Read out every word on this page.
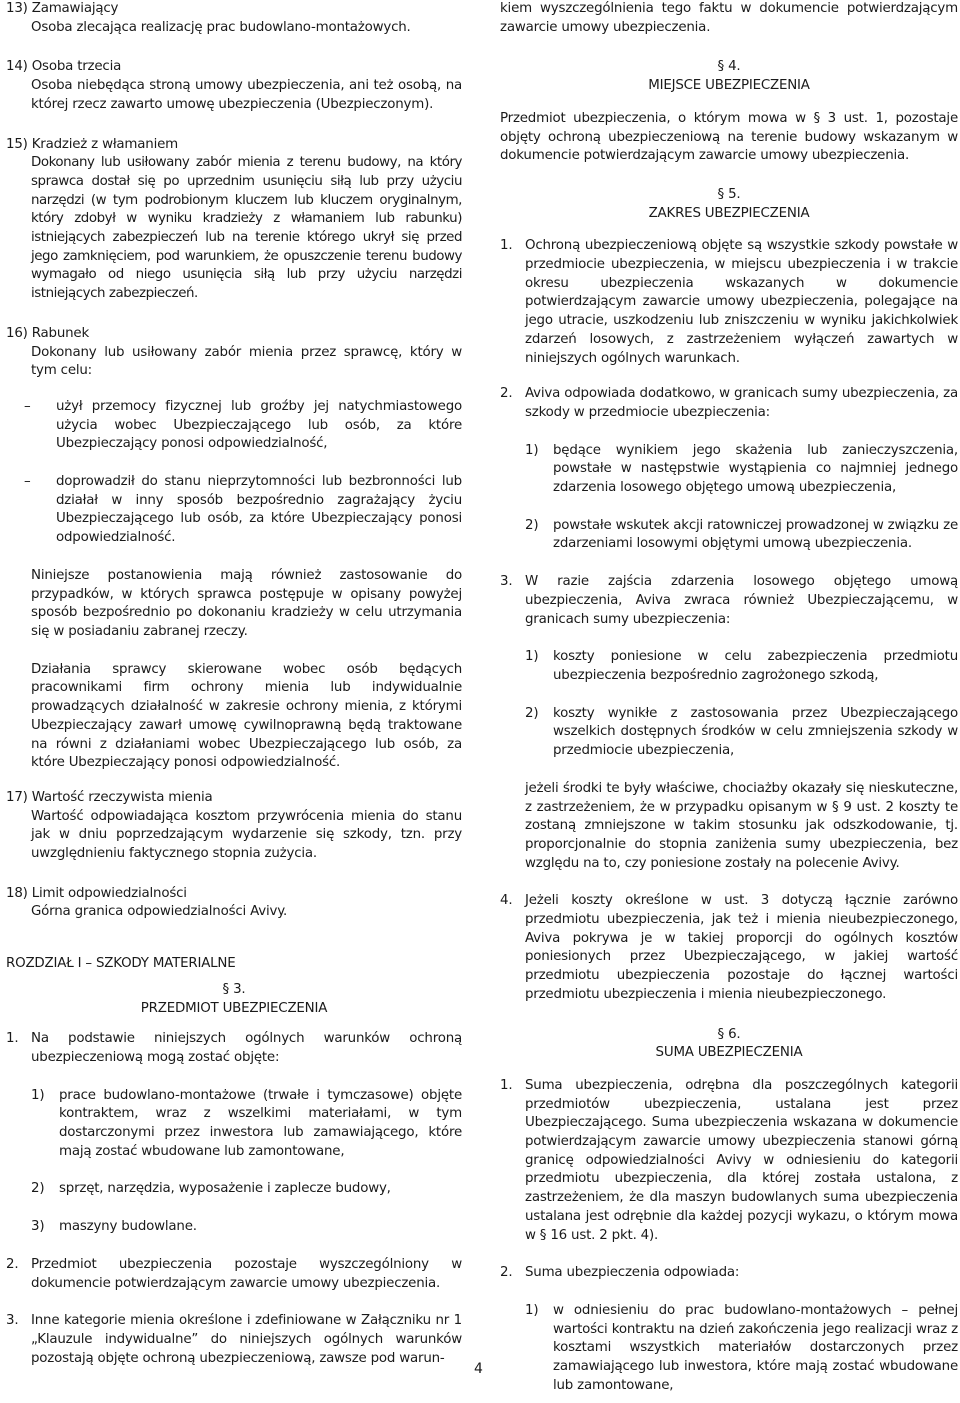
13) Zamawiający

Osoba zlecająca realizację prac budowlano-montażowych.

14) Osoba trzecia

Osoba niebędąca stroną umowy ubezpieczenia, ani też osobą, na której rzecz zawarto umowę ubezpieczenia (Ubezpieczonym).

15) Kradzież z włamaniem

Dokonany lub usiłowany zabór mienia z terenu budowy, na który sprawca dostał się po uprzednim usunięciu siłą lub przy użyciu narzędzi (w tym podrobionym kluczem lub kluczem oryginalnym, który zdobył w wyniku kradzieży z włamaniem lub rabunku) istniejących zabezpieczeń lub na terenie którego ukrył się przed jego zamknięciem, pod warunkiem, że opuszczenie terenu budowy wymagało od niego usunięcia siłą lub przy użyciu narzędzi istniejących zabezpieczeń.

16) Rabunek

Dokonany lub usiłowany zabór mienia przez sprawcę, który w tym celu:

–	użył przemocy fizycznej lub groźby jej natychmiastowego użycia wobec Ubezpieczającego lub osób, za które Ubezpieczający ponosi odpowiedzialność,

–	doprowadził do stanu nieprzytomności lub bezbronności lub działał w inny sposób bezpośrednio zagrażający życiu Ubezpieczającego lub osób, za które Ubezpieczający ponosi odpowiedzialność.

Niniejsze postanowienia mają również zastosowanie do przypadków, w których sprawca postępuje w opisany powyżej sposób bezpośrednio po dokonaniu kradzieży w celu utrzymania się w posiadaniu zabranej rzeczy.

Działania sprawcy skierowane wobec osób będących pracownikami firm ochrony mienia lub indywidualnie prowadzących działalność w zakresie ochrony mienia, z którymi Ubezpieczający zawarł umowę cywilnoprawną będą traktowane na równi z działaniami wobec Ubezpieczającego lub osób, za które Ubezpieczający ponosi odpowiedzialność.

17) Wartość rzeczywista mienia

Wartość odpowiadająca kosztom przywrócenia mienia do stanu jak w dniu poprzedzającym wydarzenie się szkody, tzn. przy uwzględnieniu faktycznego stopnia zużycia.

18) Limit odpowiedzialności

Górna granica odpowiedzialności Avivy.

ROZDZIAŁ I – SZKODY MATERIALNE

§ 3.

PRZEDMIOT UBEZPIECZENIA

1. Na podstawie niniejszych ogólnych warunków ochroną ubezpieczeniową mogą zostać objęte:

1)	prace budowlano-montażowe (trwałe i tymczasowe) objęte kontraktem, wraz z wszelkimi materiałami, w tym dostarczonymi przez inwestora lub zamawiającego, które mają zostać wbudowane lub zamontowane,

2)	sprzęt, narzędzia, wyposażenie i zaplecze budowy,

3)	maszyny budowlane.

2. Przedmiot ubezpieczenia pozostaje wyszczególniony w dokumencie potwierdzającym zawarcie umowy ubezpieczenia.

3. Inne kategorie mienia określone i zdefiniowane w Załączniku nr 1 „Klauzule indywidualne” do niniejszych ogólnych warunków pozostają objęte ochroną ubezpieczeniową, zawsze pod warun-

kiem wyszczególnienia tego faktu w dokumencie potwierdzającym zawarcie umowy ubezpieczenia.

§ 4.

MIEJSCE UBEZPIECZENIA

Przedmiot ubezpieczenia, o którym mowa w § 3 ust. 1, pozostaje objęty ochroną ubezpieczeniową na terenie budowy wskazanym w dokumencie potwierdzającym zawarcie umowy ubezpieczenia.

§ 5.

ZAKRES UBEZPIECZENIA

1. Ochroną ubezpieczeniową objęte są wszystkie szkody powstałe w przedmiocie ubezpieczenia, w miejscu ubezpieczenia i w trakcie okresu ubezpieczenia wskazanych w dokumencie potwierdzającym zawarcie umowy ubezpieczenia, polegające na jego utracie, uszkodzeniu lub zniszczeniu w wyniku jakichkolwiek zdarzeń losowych, z zastrzeżeniem wyłączeń zawartych w niniejszych ogólnych warunkach.

2. Aviva odpowiada dodatkowo, w granicach sumy ubezpieczenia, za szkody w przedmiocie ubezpieczenia:

1)	będące wynikiem jego skażenia lub zanieczyszczenia, powstałe w następstwie wystąpienia co najmniej jednego zdarzenia losowego objętego umową ubezpieczenia,

2)	powstałe wskutek akcji ratowniczej prowadzonej w związku ze zdarzeniami losowymi objętymi umową ubezpieczenia.

3. W razie zajścia zdarzenia losowego objętego umową ubezpieczenia, Aviva zwraca również Ubezpieczającemu, w granicach sumy ubezpieczenia:

1)	koszty poniesione w celu zabezpieczenia przedmiotu ubezpieczenia bezpośrednio zagrożonego szkodą,

2)	koszty wynikłe z zastosowania przez Ubezpieczającego wszelkich dostępnych środków w celu zmniejszenia szkody w przedmiocie ubezpieczenia,

jeżeli środki te były właściwe, chociażby okazały się nieskuteczne, z zastrzeżeniem, że w przypadku opisanym w § 9 ust. 2 koszty te zostaną zmniejszone w takim stosunku jak odszkodowanie, tj. proporcjonalnie do stopnia zaniżenia sumy ubezpieczenia, bez względu na to, czy poniesione zostały na polecenie Avivy.

4. Jeżeli koszty określone w ust. 3 dotyczą łącznie zarówno przedmiotu ubezpieczenia, jak też i mienia nieubezpieczonego, Aviva pokrywa je w takiej proporcji do ogólnych kosztów poniesionych przez Ubezpieczającego, w jakiej wartość przedmiotu ubezpieczenia pozostaje do łącznej wartości przedmiotu ubezpieczenia i mienia nieubezpieczonego.

§ 6.

SUMA UBEZPIECZENIA

1. Suma ubezpieczenia, odrębna dla poszczególnych kategorii przedmiotów ubezpieczenia, ustalana jest przez Ubezpieczającego. Suma ubezpieczenia wskazana w dokumencie potwierdzającym zawarcie umowy ubezpieczenia stanowi górną granicę odpowiedzialności Avivy w odniesieniu do kategorii przedmiotu ubezpieczenia, dla której została ustalona, z zastrzeżeniem, że dla maszyn budowlanych suma ubezpieczenia ustalana jest odrębnie dla każdej pozycji wykazu, o którym mowa w § 16 ust. 2 pkt. 4).

2. Suma ubezpieczenia odpowiada:

1)	w odniesieniu do prac budowlano-montażowych – pełnej wartości kontraktu na dzień zakończenia jego realizacji wraz z kosztami wszystkich materiałów dostarczonych przez zamawiającego lub inwestora, które mają zostać wbudowane lub zamontowane,

4
